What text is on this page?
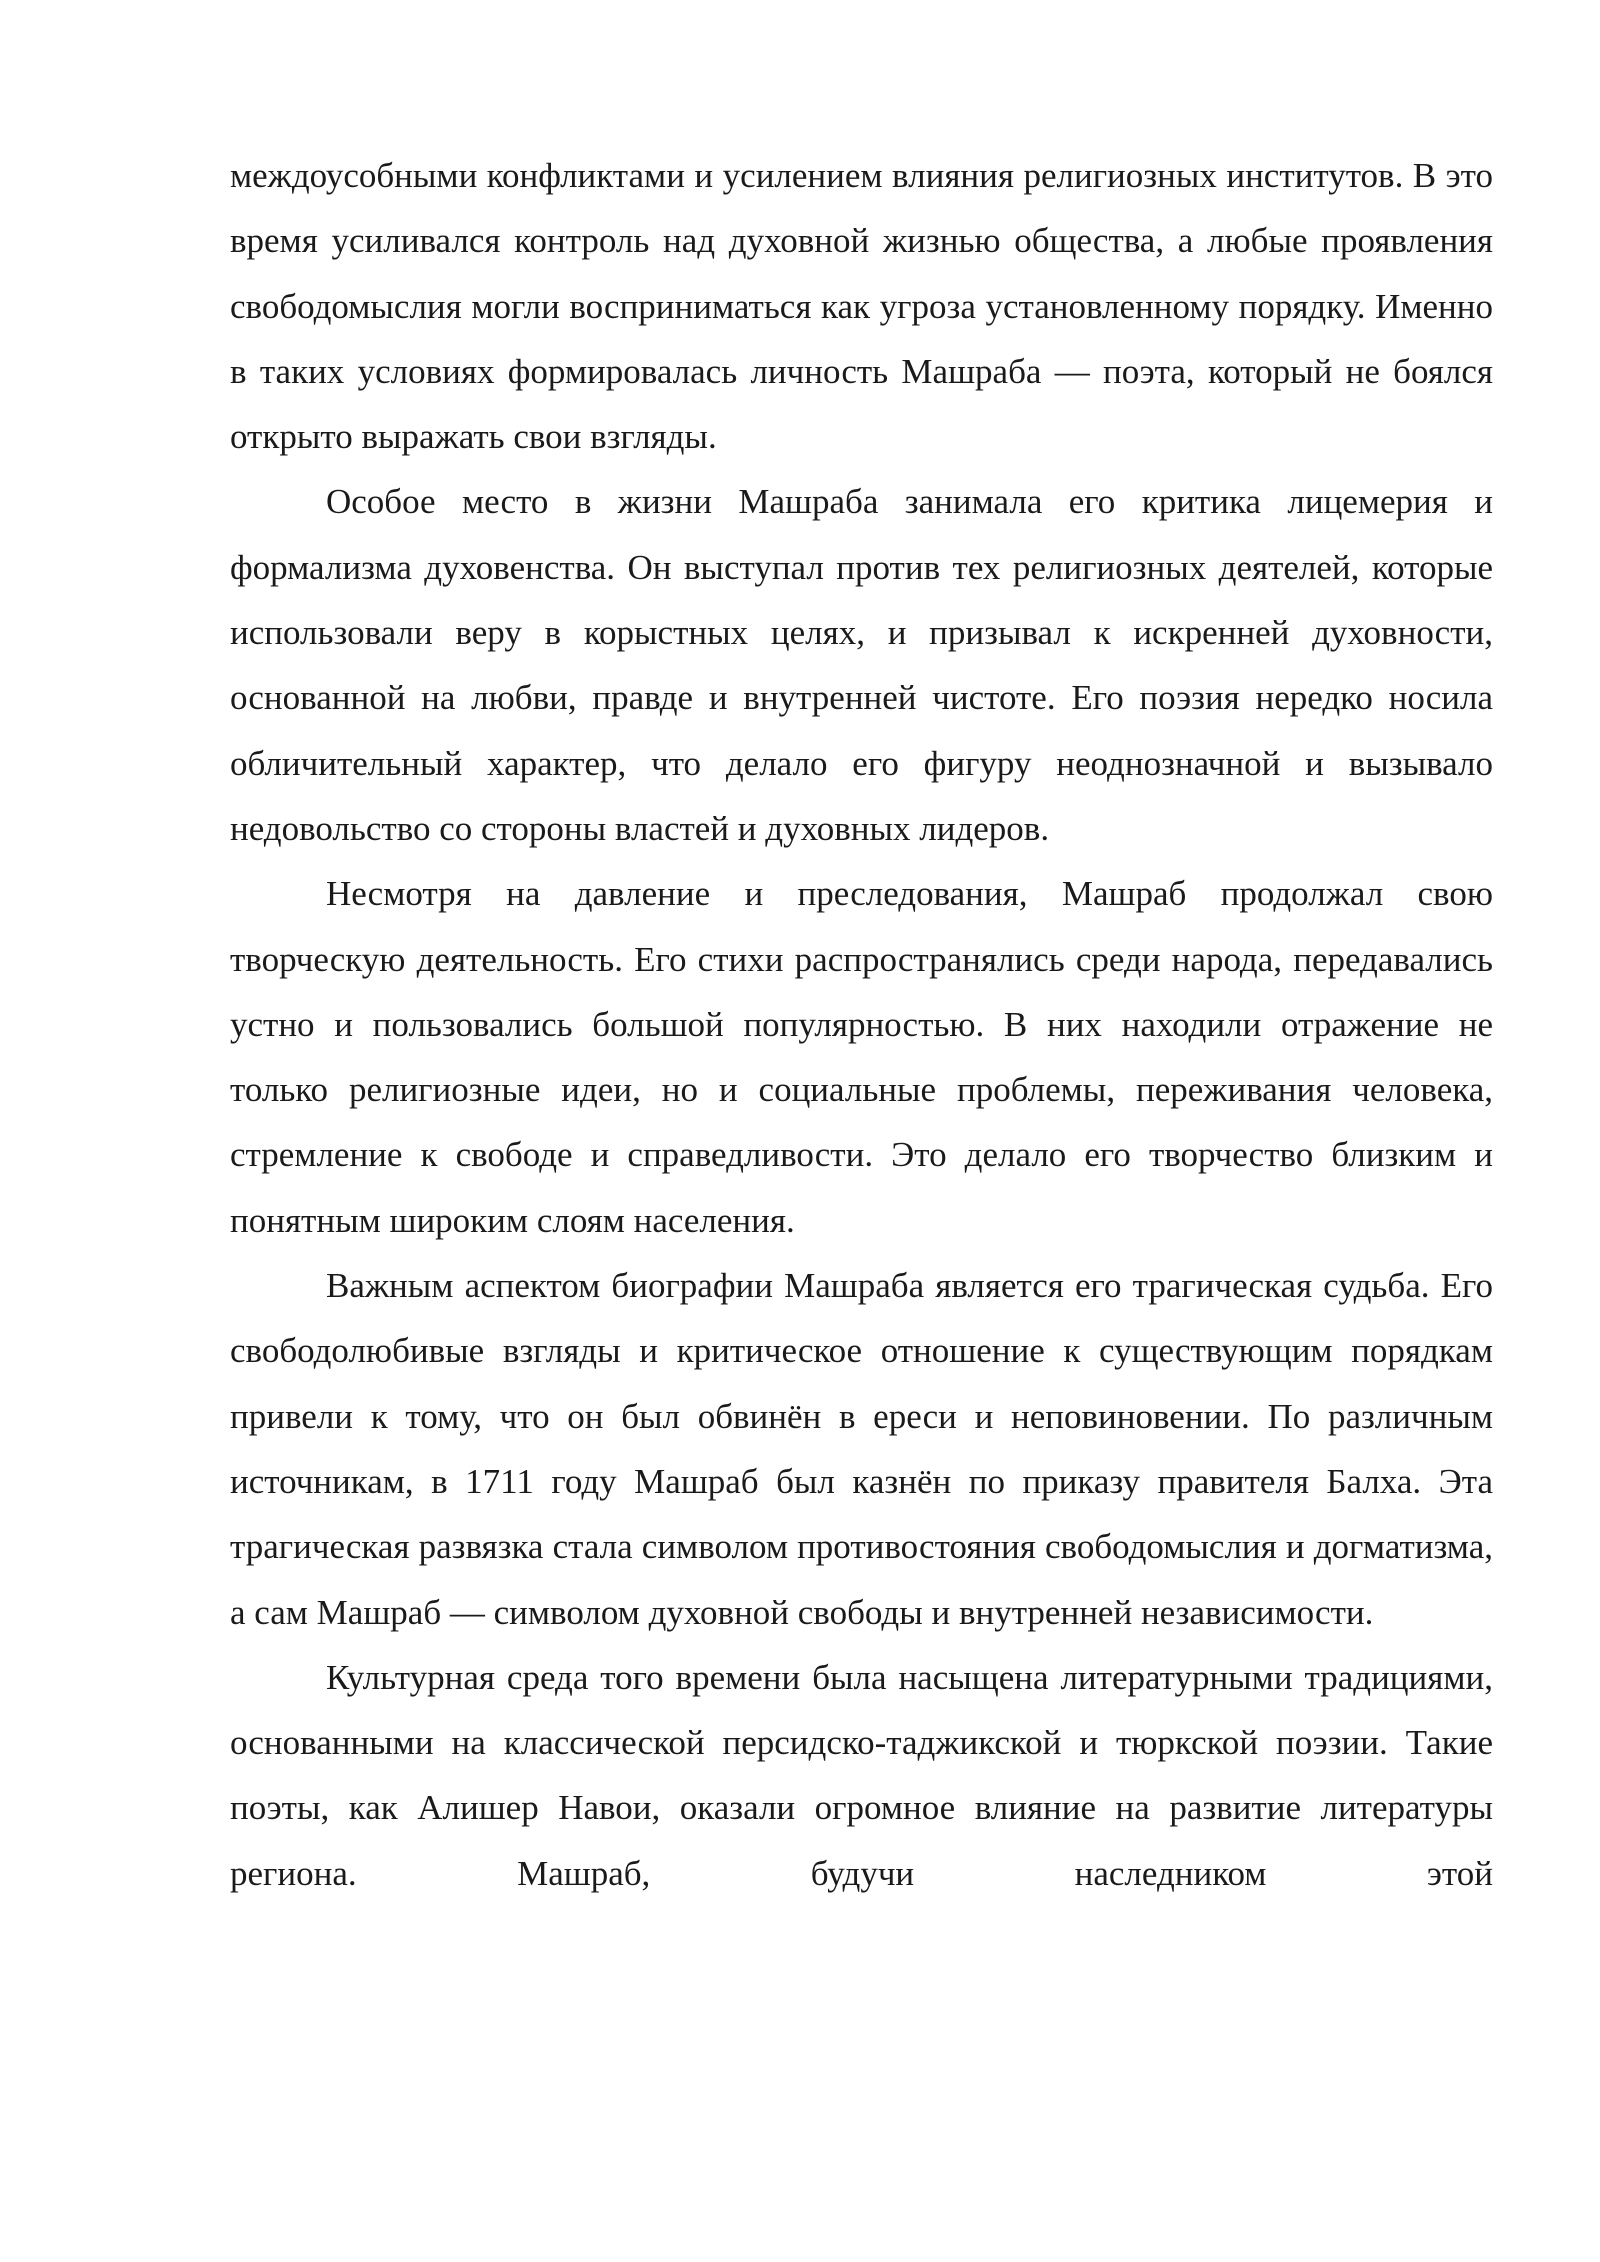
междоусобными конфликтами и усилением влияния религиозных институтов. В это время усиливался контроль над духовной жизнью общества, а любые проявления свободомыслия могли восприниматься как угроза установленному порядку. Именно в таких условиях формировалась личность Машраба — поэта, который не боялся открыто выражать свои взгляды.

Особое место в жизни Машраба занимала его критика лицемерия и формализма духовенства. Он выступал против тех религиозных деятелей, которые использовали веру в корыстных целях, и призывал к искренней духовности, основанной на любви, правде и внутренней чистоте. Его поэзия нередко носила обличительный характер, что делало его фигуру неоднозначной и вызывало недовольство со стороны властей и духовных лидеров.

Несмотря на давление и преследования, Машраб продолжал свою творческую деятельность. Его стихи распространялись среди народа, передавались устно и пользовались большой популярностью. В них находили отражение не только религиозные идеи, но и социальные проблемы, переживания человека, стремление к свободе и справедливости. Это делало его творчество близким и понятным широким слоям населения.

Важным аспектом биографии Машраба является его трагическая судьба. Его свободолюбивые взгляды и критическое отношение к существующим порядкам привели к тому, что он был обвинён в ереси и неповиновении. По различным источникам, в 1711 году Машраб был казнён по приказу правителя Балха. Эта трагическая развязка стала символом противостояния свободомыслия и догматизма, а сам Машраб — символом духовной свободы и внутренней независимости.

Культурная среда того времени была насыщена литературными традициями, основанными на классической персидско-таджикской и тюркской поэзии. Такие поэты, как Алишер Навои, оказали огромное влияние на развитие литературы региона. Машраб, будучи наследником этой
